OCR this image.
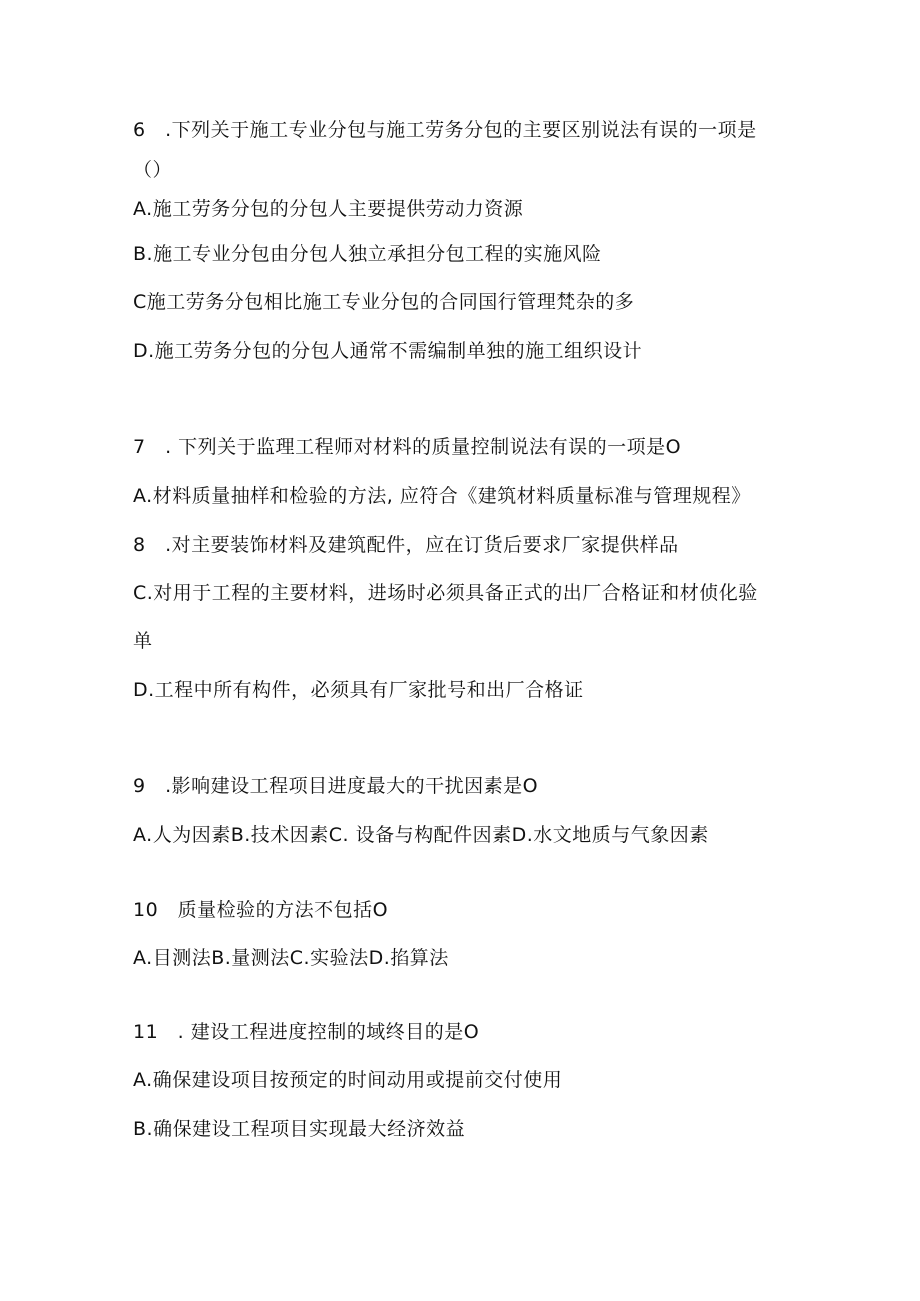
6　.下列关于施工专业分包与施工劳务分包的主要区别说法有误的一项是

（）

A.施工劳务分包的分包人主要提供劳动力资源

B.施工专业分包由分包人独立承担分包工程的实施风险

C施工劳务分包相比施工专业分包的合同国行管理梵杂的多

D.施工劳务分包的分包人通常不需编制单独的施工组织设计

7　. 下列关于监理工程师对材料的质量控制说法有误的一项是O

A.材料质量抽样和检验的方法, 应符合《建筑材料质量标准与管理规程》

8　.对主要装饰材料及建筑配件，应在订货后要求厂家提供样品

C.对用于工程的主要材料，进场时必须具备正式的出厂合格证和材侦化验

单

D.工程中所有构件，必须具有厂家批号和出厂合格证

9　.影响建设工程项目进度最大的干扰因素是O

A.人为因素B.技术因素C. 设备与构配件因素D.水文地质与气象因素

10　质量检验的方法不包括O

A.目测法B.量测法C.实验法D.掐算法

11　. 建设工程进度控制的域终目的是O

A.确保建设项目按预定的时间动用或提前交付使用

B.确保建设工程项目实现最大经济效益
